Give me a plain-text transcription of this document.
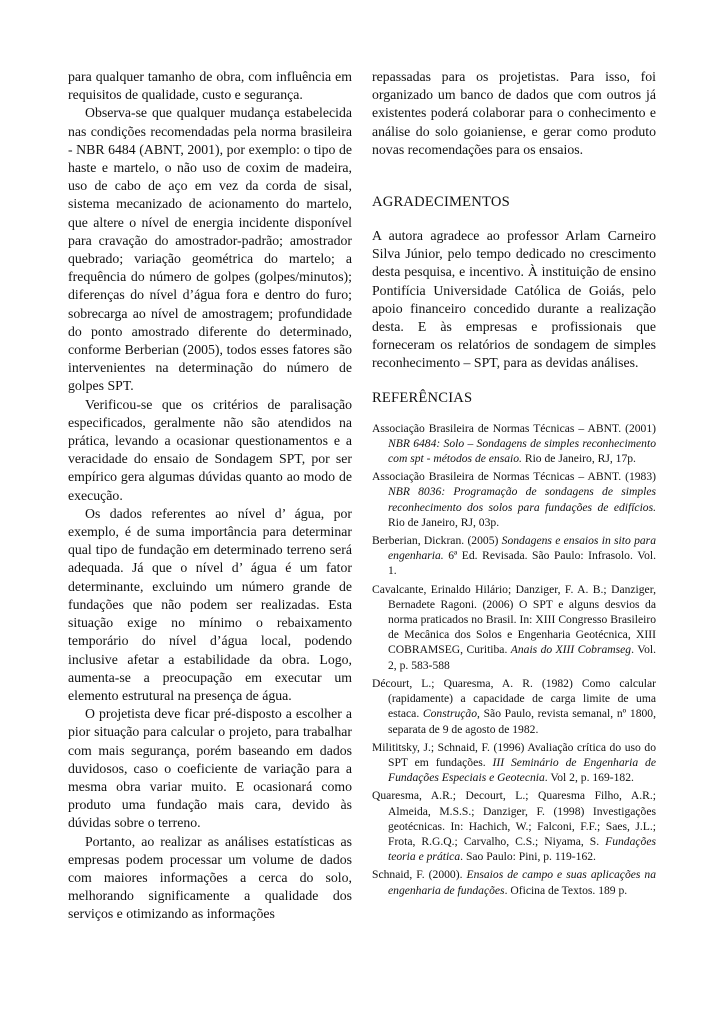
para qualquer tamanho de obra, com influência em requisitos de qualidade, custo e segurança.

Observa-se que qualquer mudança estabelecida nas condições recomendadas pela norma brasileira - NBR 6484 (ABNT, 2001), por exemplo: o tipo de haste e martelo, o não uso de coxim de madeira, uso de cabo de aço em vez da corda de sisal, sistema mecanizado de acionamento do martelo, que altere o nível de energia incidente disponível para cravação do amostrador-padrão; amostrador quebrado; variação geométrica do martelo; a frequência do número de golpes (golpes/minutos); diferenças do nível d’água fora e dentro do furo; sobrecarga ao nível de amostragem; profundidade do ponto amostrado diferente do determinado, conforme Berberian (2005), todos esses fatores são intervenientes na determinação do número de golpes SPT.

Verificou-se que os critérios de paralisação especificados, geralmente não são atendidos na prática, levando a ocasionar questionamentos e a veracidade do ensaio de Sondagem SPT, por ser empírico gera algumas dúvidas quanto ao modo de execução.

Os dados referentes ao nível d’ água, por exemplo, é de suma importância para determinar qual tipo de fundação em determinado terreno será adequada. Já que o nível d’ água é um fator determinante, excluindo um número grande de fundações que não podem ser realizadas. Esta situação exige no mínimo o rebaixamento temporário do nível d’água local, podendo inclusive afetar a estabilidade da obra. Logo, aumenta-se a preocupação em executar um elemento estrutural na presença de água.

O projetista deve ficar pré-disposto a escolher a pior situação para calcular o projeto, para trabalhar com mais segurança, porém baseando em dados duvidosos, caso o coeficiente de variação para a mesma obra variar muito. E ocasionará como produto uma fundação mais cara, devido às dúvidas sobre o terreno.

Portanto, ao realizar as análises estatísticas as empresas podem processar um volume de dados com maiores informações a cerca do solo, melhorando significamente a qualidade dos serviços e otimizando as informações

repassadas para os projetistas. Para isso, foi organizado um banco de dados que com outros já existentes poderá colaborar para o conhecimento e análise do solo goianiense, e gerar como produto novas recomendações para os ensaios.

AGRADECIMENTOS

A autora agradece ao professor Arlam Carneiro Silva Júnior, pelo tempo dedicado no crescimento desta pesquisa, e incentivo. À instituição de ensino Pontifícia Universidade Católica de Goiás, pelo apoio financeiro concedido durante a realização desta. E às empresas e profissionais que forneceram os relatórios de sondagem de simples reconhecimento – SPT, para as devidas análises.

REFERÊNCIAS
Associação Brasileira de Normas Técnicas – ABNT. (2001) NBR 6484: Solo – Sondagens de simples reconhecimento com spt - métodos de ensaio. Rio de Janeiro, RJ, 17p.
Associação Brasileira de Normas Técnicas – ABNT. (1983) NBR 8036: Programação de sondagens de simples reconhecimento dos solos para fundações de edifícios. Rio de Janeiro, RJ, 03p.
Berberian, Dickran. (2005) Sondagens e ensaios in sito para engenharia. 6ª Ed. Revisada. São Paulo: Infrasolo. Vol. 1.
Cavalcante, Erinaldo Hilário; Danziger, F. A. B.; Danziger, Bernadete Ragoni. (2006) O SPT e alguns desvios da norma praticados no Brasil. In: XIII Congresso Brasileiro de Mecânica dos Solos e Engenharia Geotécnica, XIII COBRAMSEG, Curitiba. Anais do XIII Cobramseg. Vol. 2, p. 583-588
Décourt, L.; Quaresma, A. R. (1982) Como calcular (rapidamente) a capacidade de carga limite de uma estaca. Construção, São Paulo, revista semanal, nº 1800, separata de 9 de agosto de 1982.
Milititsky, J.; Schnaid, F. (1996) Avaliação crítica do uso do SPT em fundações. III Seminário de Engenharia de Fundações Especiais e Geotecnia. Vol 2, p. 169-182.
Quaresma, A.R.; Decourt, L.; Quaresma Filho, A.R.; Almeida, M.S.S.; Danziger, F. (1998) Investigações geotécnicas. In: Hachich, W.; Falconi, F.F.; Saes, J.L.; Frota, R.G.Q.; Carvalho, C.S.; Niyama, S. Fundações teoria e prática. Sao Paulo: Pini, p. 119-162.
Schnaid, F. (2000). Ensaios de campo e suas aplicações na engenharia de fundações. Oficina de Textos. 189 p.
